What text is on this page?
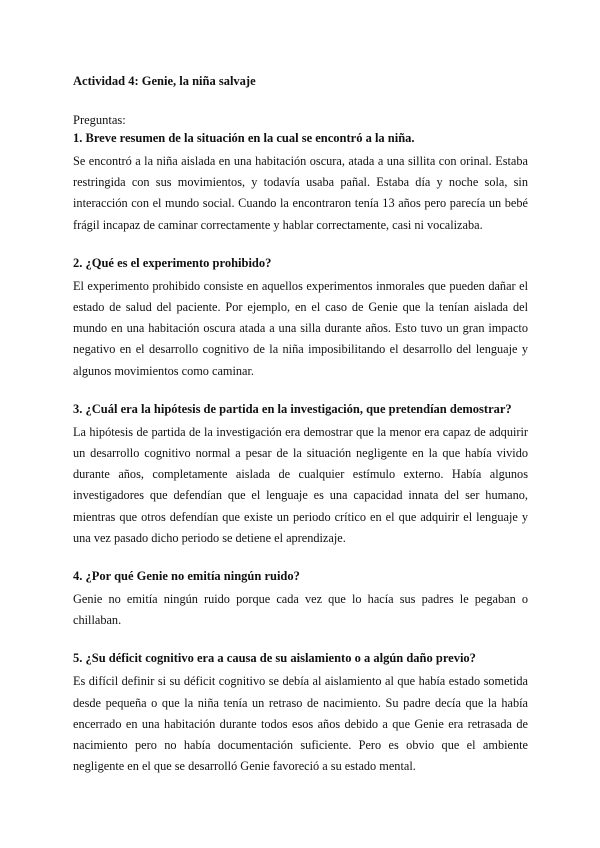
Actividad 4: Genie, la niña salvaje
Preguntas:
1. Breve resumen de la situación en la cual se encontró a la niña.

Se encontró a la niña aislada en una habitación oscura, atada a una sillita con orinal. Estaba restringida con sus movimientos, y todavía usaba pañal. Estaba día y noche sola, sin interacción con el mundo social. Cuando la encontraron tenía 13 años pero parecía un bebé frágil incapaz de caminar correctamente y hablar correctamente, casi ni vocalizaba.

2. ¿Qué es el experimento prohibido?

El experimento prohibido consiste en aquellos experimentos inmorales que pueden dañar el estado de salud del paciente. Por ejemplo, en el caso de Genie que la tenían aislada del mundo en una habitación oscura atada a una silla durante años. Esto tuvo un gran impacto negativo en el desarrollo cognitivo de la niña imposibilitando el desarrollo del lenguaje y algunos movimientos como caminar.

3. ¿Cuál era la hipótesis de partida en la investigación, que pretendían demostrar?

La hipótesis de partida de la investigación era demostrar que la menor era capaz de adquirir un desarrollo cognitivo normal a pesar de la situación negligente en la que había vivido durante años, completamente aislada de cualquier estímulo externo. Había algunos investigadores que defendían que el lenguaje es una capacidad innata del ser humano, mientras que otros defendían que existe un periodo crítico en el que adquirir el lenguaje y una vez pasado dicho periodo se detiene el aprendizaje.

4. ¿Por qué Genie no emitía ningún ruido?

Genie no emitía ningún ruido porque cada vez que lo hacía sus padres le pegaban o chillaban.

5. ¿Su déficit cognitivo era a causa de su aislamiento o a algún daño previo?

Es difícil definir si su déficit cognitivo se debía al aislamiento al que había estado sometida desde pequeña o que la niña tenía un retraso de nacimiento. Su padre decía que la había encerrado en una habitación durante todos esos años debido a que Genie era retrasada de nacimiento pero no había documentación suficiente. Pero es obvio que el ambiente negligente en el que se desarrolló Genie favoreció a su estado mental.
